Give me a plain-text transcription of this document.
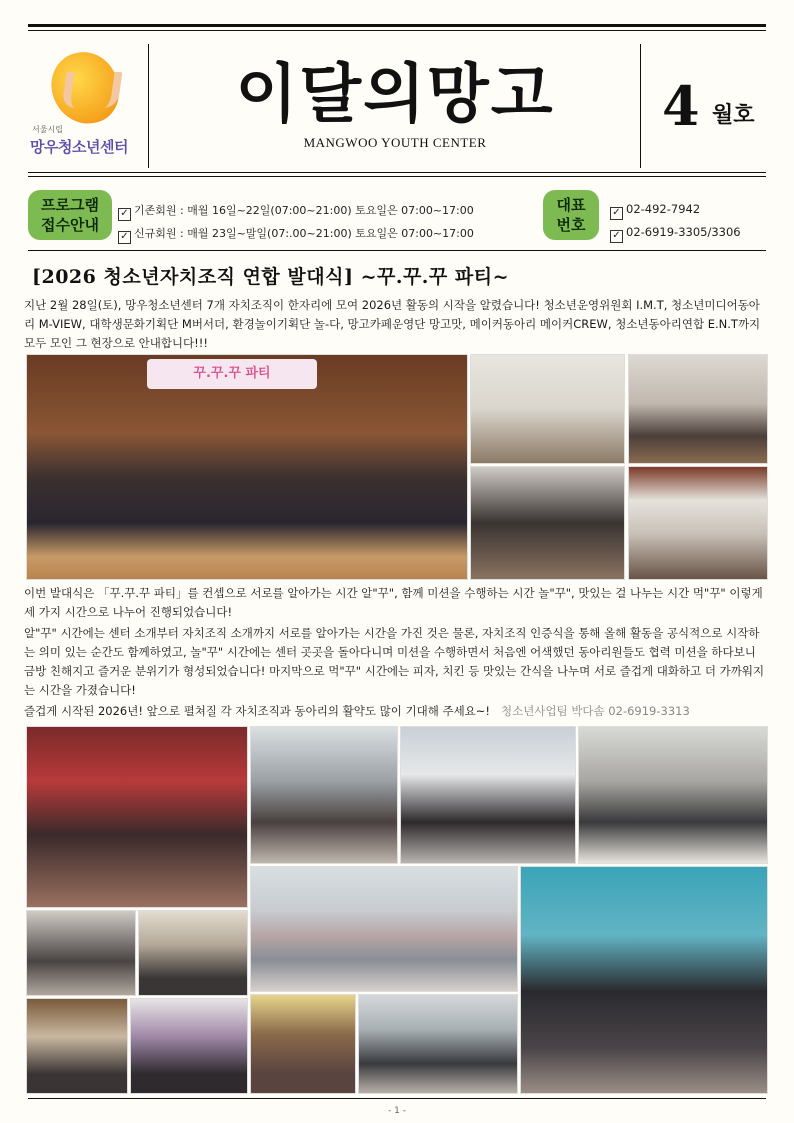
서울시립
망우청소년센터
이달의망고
MANGWOO YOUTH CENTER
4 월호
프로그램
접수안내
✓ 기존회원 : 매월 16일~22일(07:00~21:00) 토요일은 07:00~17:00
✓ 신규회원 : 매월 23일~말일(07:.00~21:00) 토요일은 07:00~17:00
대표
번호
✓ 02-492-7942
✓ 02-6919-3305/3306
[2026 청소년자치조직 연합 발대식] ~꾸.꾸.꾸 파티~
지난 2월 28일(토), 망우청소년센터 7개 자치조직이 한자리에 모여 2026년 활동의 시작을 알렸습니다! 청소년운영위원회 I.M.T, 청소년미디어동아리 M-VIEW, 대학생문화기획단 M버서더, 환경놀이기획단 놀-다, 망고카페운영단 망고맛, 메이커동아리 메이커CREW, 청소년동아리연합 E.N.T까지 모두 모인 그 현장으로 안내합니다!!!
꾸.꾸.꾸 파티
이번 발대식은 「꾸.꾸.꾸 파티」를 컨셉으로 서로를 알아가는 시간 알"꾸", 함께 미션을 수행하는 시간 놀"꾸", 맛있는 걸 나누는 시간 먹"꾸" 이렇게 세 가지 시간으로 나누어 진행되었습니다!
알"꾸" 시간에는 센터 소개부터 자치조직 소개까지 서로를 알아가는 시간을 가진 것은 물론, 자치조직 인증식을 통해 올해 활동을 공식적으로 시작하는 의미 있는 순간도 함께하였고, 놀"꾸" 시간에는 센터 곳곳을 돌아다니며 미션을 수행하면서 처음엔 어색했던 동아리원들도 협력 미션을 하다보니 금방 친해지고 즐거운 분위기가 형성되었습니다! 마지막으로 먹"꾸" 시간에는 피자, 치킨 등 맛있는 간식을 나누며 서로 즐겁게 대화하고 더 가까워지는 시간을 가졌습니다!
즐겁게 시작된 2026년! 앞으로 펼쳐질 각 자치조직과 동아리의 활약도 많이 기대해 주세요~! 청소년사업팀 박다솜 02-6919-3313
- 1 -
